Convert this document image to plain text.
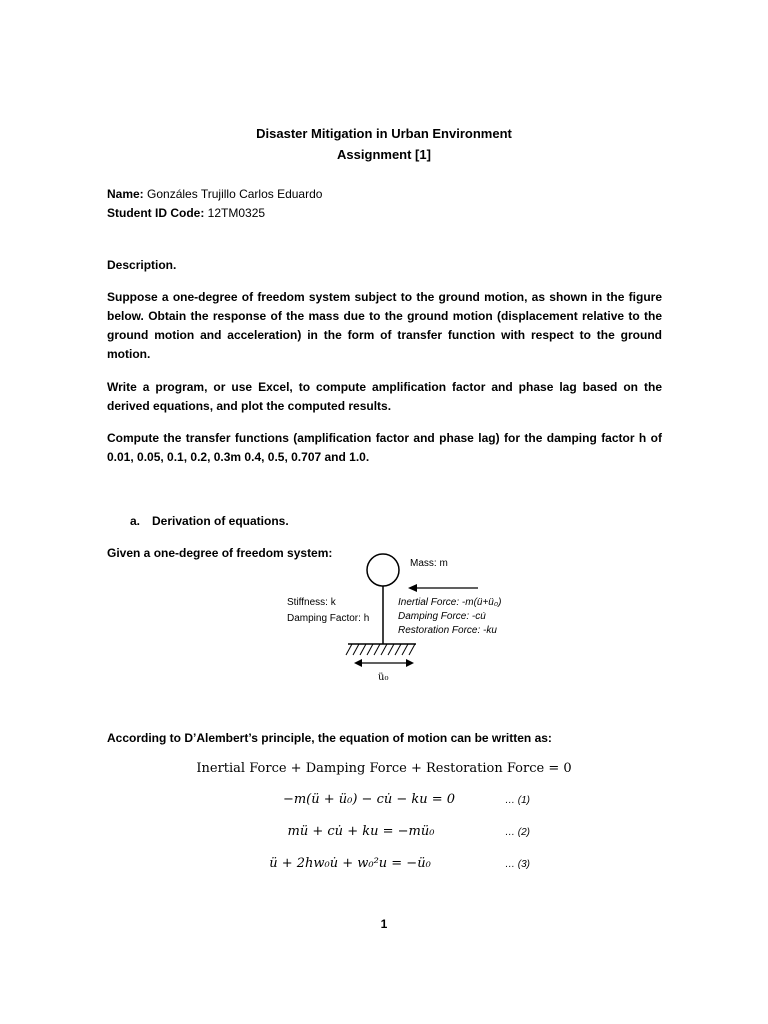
Disaster Mitigation in Urban Environment
Assignment [1]
Name: Gonzáles Trujillo Carlos Eduardo
Student ID Code: 12TM0325
Description.
Suppose a one-degree of freedom system subject to the ground motion, as shown in the figure below. Obtain the response of the mass due to the ground motion (displacement relative to the ground motion and acceleration) in the form of transfer function with respect to the ground motion.
Write a program, or use Excel, to compute amplification factor and phase lag based on the derived equations, and plot the computed results.
Compute the transfer functions (amplification factor and phase lag) for the damping factor h of 0.01, 0.05, 0.1, 0.2, 0.3m 0.4, 0.5, 0.707 and 1.0.
a. Derivation of equations.
Given a one-degree of freedom system:
Mass: m
Stiffness: k
Damping Factor: h
Inertial Force: -m(ü+ü₀)
Damping Force: -cu̇
Restoration Force: -ku
ü₀
According to D’Alembert’s principle, the equation of motion can be written as:
Inertial Force + Damping Force + Restoration Force = 0
−m(ü + ü₀) − cu̇ − ku = 0	… (1)
mü + cu̇ + ku = −mü₀	… (2)
ü + 2hw₀u̇ + w₀²u = −ü₀	… (3)
1
